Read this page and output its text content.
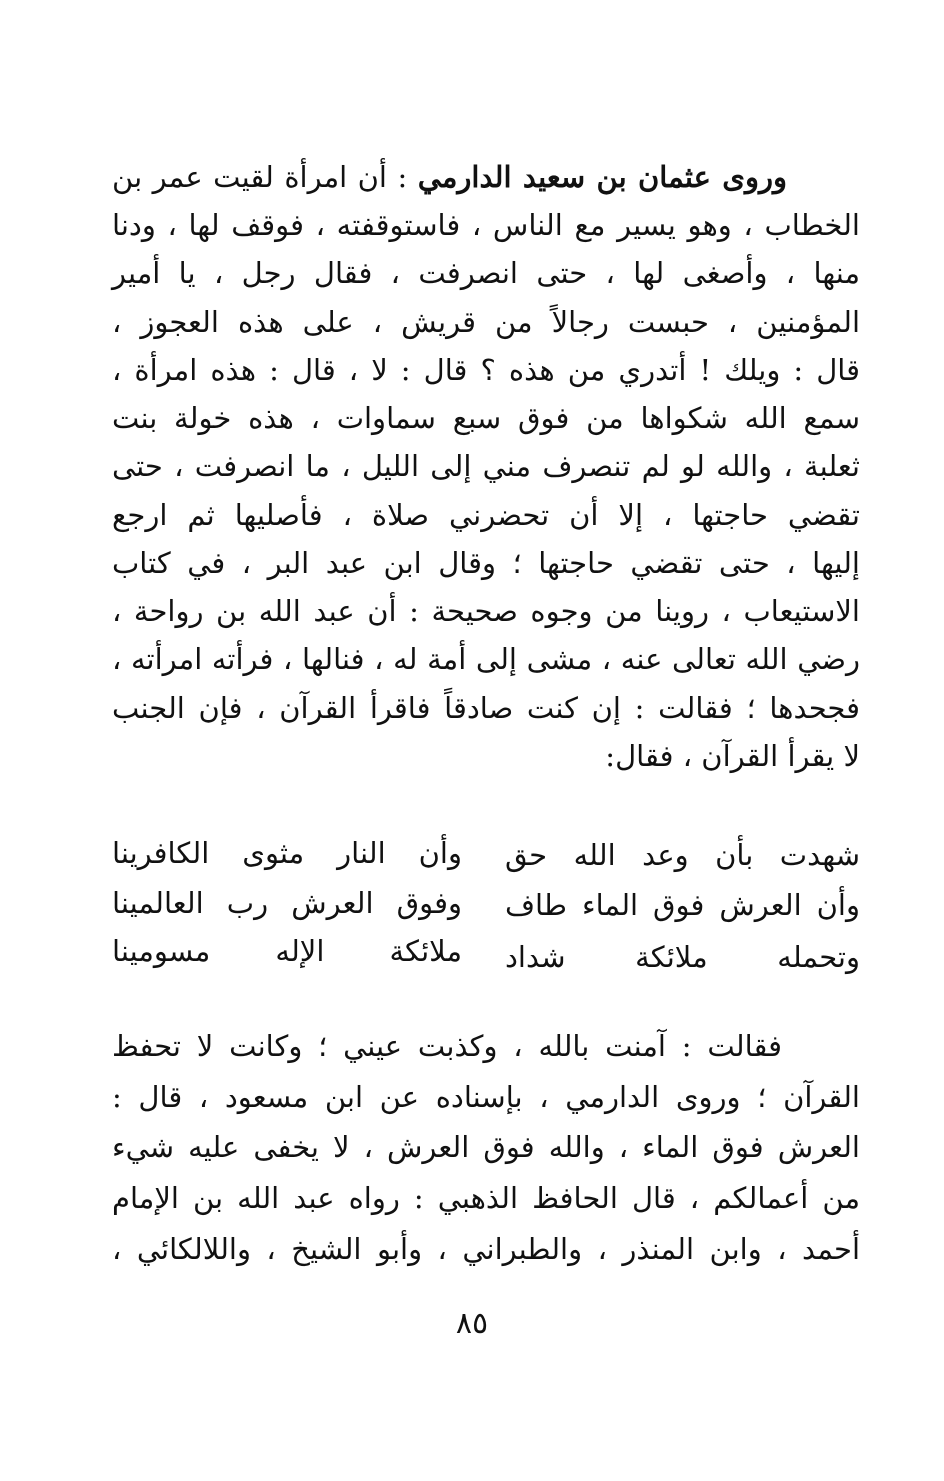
وروى عثمان بن سعيد الدارمي : أن امرأة لقيت عمر بن
الخطاب ، وهو يسير مع الناس ، فاستوقفته ، فوقف لها ، ودنا
منها ، وأصغى لها ، حتى انصرفت ، فقال رجل ، يا أمير
المؤمنين ، حبست رجالاً من قريش ، على هذه العجوز ،
قال : ويلك ! أتدري من هذه ؟ قال : لا ، قال : هذه امرأة ،
سمع الله شكواها من فوق سبع سماوات ، هذه خولة بنت
ثعلبة ، والله لو لم تنصرف مني إلى الليل ، ما انصرفت ، حتى
تقضي حاجتها ، إلا أن تحضرني صلاة ، فأصليها ثم ارجع
إليها ، حتى تقضي حاجتها ؛ وقال ابن عبد البر ، في كتاب
الاستيعاب ، روينا من وجوه صحيحة : أن عبد الله بن رواحة ،
رضي الله تعالى عنه ، مشى إلى أمة له ، فنالها ، فرأته امرأته ،
فجحدها ؛ فقالت : إن كنت صادقاً فاقرأ القرآن ، فإن الجنب
لا يقرأ القرآن ، فقال:
شهدت بأن وعد الله حق
وأن النار مثوى الكافرينا
وأن العرش فوق الماء طاف
وفوق العرش رب العالمينا
وتحمله ملائكة شداد
ملائكة الإله مسومينا
فقالت : آمنت بالله ، وكذبت عيني ؛ وكانت لا تحفظ
القرآن ؛ وروى الدارمي ، بإسناده عن ابن مسعود ، قال :
العرش فوق الماء ، والله فوق العرش ، لا يخفى عليه شيء
من أعمالكم ، قال الحافظ الذهبي : رواه عبد الله بن الإمام
أحمد ، وابن المنذر ، والطبراني ، وأبو الشيخ ، واللالكائي ،
٨٥
